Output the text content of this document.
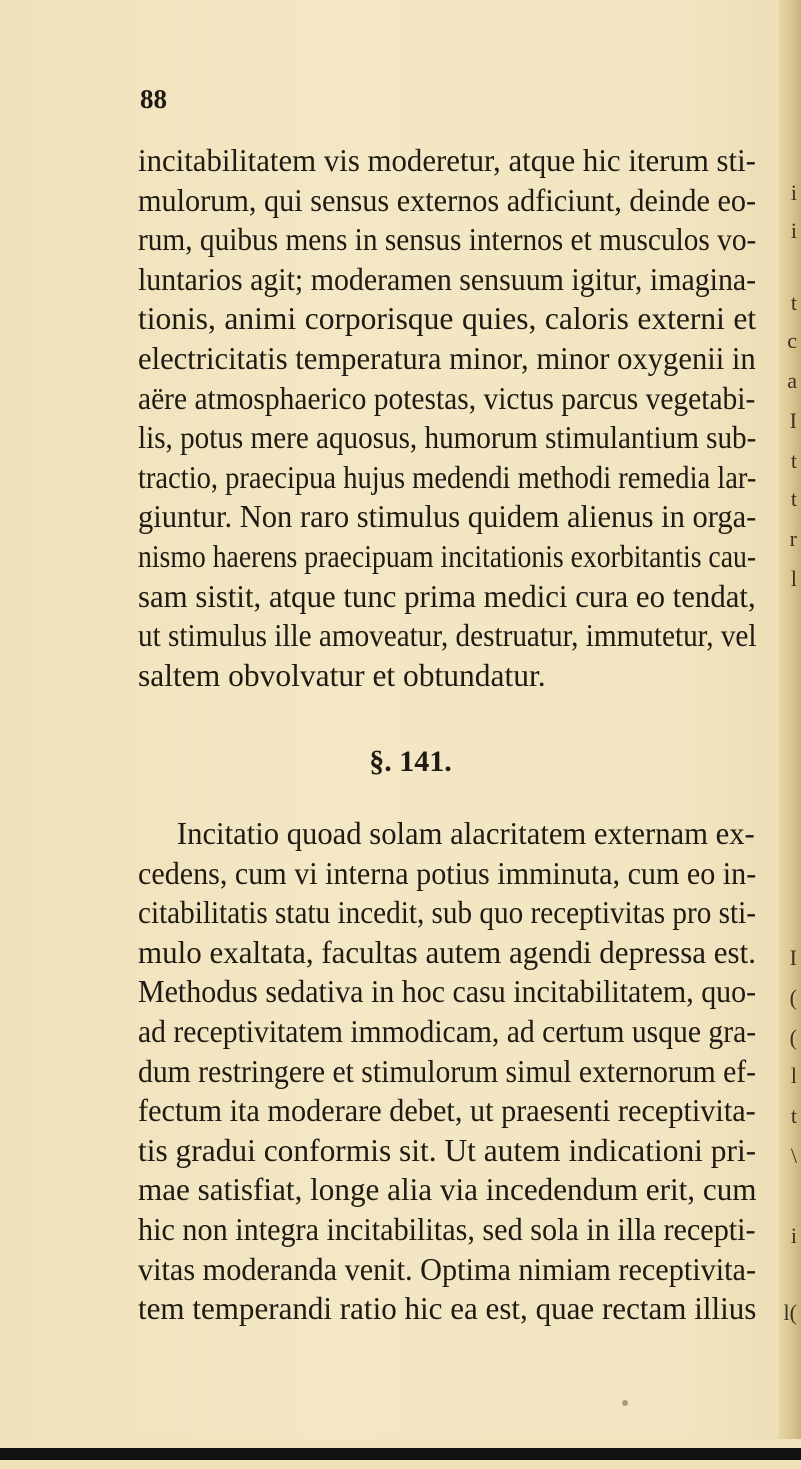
i
i
t
c
a
I
t
t
r
l
I
(
(
l
t
\
i
l(
88
incitabilitatem vis moderetur, atque hic iterum sti-
mulorum, qui sensus externos adficiunt, deinde eo-
rum, quibus mens in sensus internos et musculos vo-
luntarios agit; moderamen sensuum igitur, imagina-
tionis, animi corporisque quies, caloris externi et
electricitatis temperatura minor, minor oxygenii in
aëre atmosphaerico potestas, victus parcus vegetabi-
lis, potus mere aquosus, humorum stimulantium sub-
tractio, praecipua hujus medendi methodi remedia lar-
giuntur. Non raro stimulus quidem alienus in orga-
nismo haerens praecipuam incitationis exorbitantis cau-
sam sistit, atque tunc prima medici cura eo tendat,
ut stimulus ille amoveatur, destruatur, immutetur, vel
saltem obvolvatur et obtundatur.
§. 141.
Incitatio quoad solam alacritatem externam ex-
cedens, cum vi interna potius imminuta, cum eo in-
citabilitatis statu incedit, sub quo receptivitas pro sti-
mulo exaltata, facultas autem agendi depressa est.
Methodus sedativa in hoc casu incitabilitatem, quo-
ad receptivitatem immodicam, ad certum usque gra-
dum restringere et stimulorum simul externorum ef-
fectum ita moderare debet, ut praesenti receptivita-
tis gradui conformis sit. Ut autem indicationi pri-
mae satisfiat, longe alia via incedendum erit, cum
hic non integra incitabilitas, sed sola in illa recepti-
vitas moderanda venit. Optima nimiam receptivita-
tem temperandi ratio hic ea est, quae rectam illius
